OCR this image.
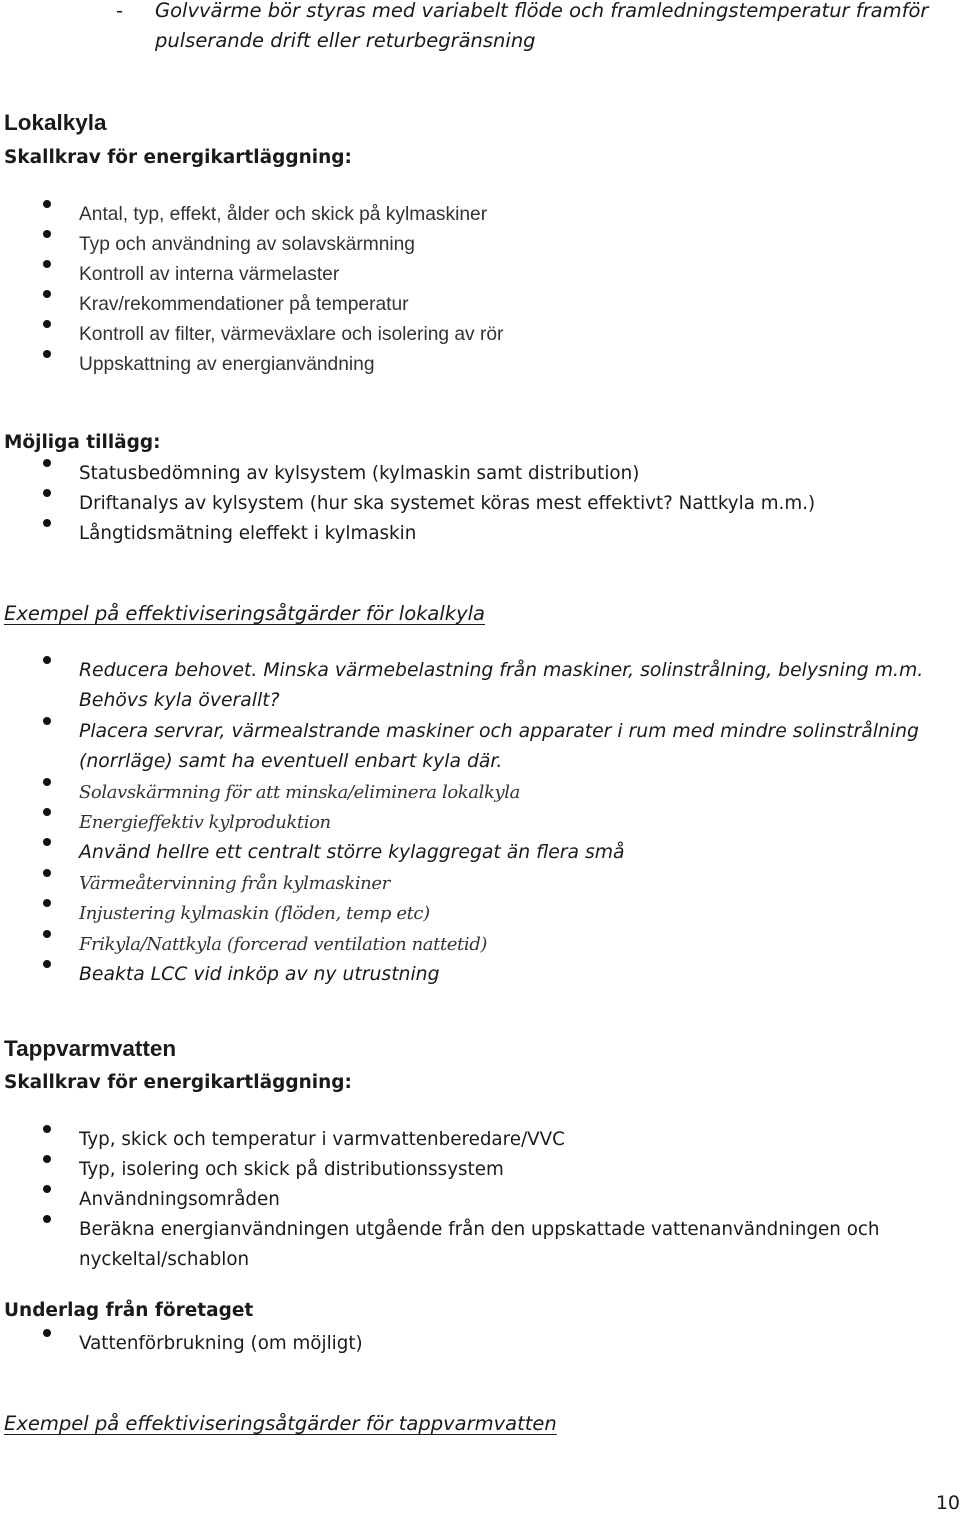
- Golvvärme bör styras med variabelt flöde och framledningstemperatur framför pulserande drift eller returbegränsning
Lokalkyla
Skallkrav för energikartläggning:
Antal, typ, effekt, ålder och skick på kylmaskiner
Typ och användning av solavskärmning
Kontroll av interna värmelaster
Krav/rekommendationer på temperatur
Kontroll av filter, värmeväxlare och isolering av rör
Uppskattning av energianvändning
Möjliga tillägg:
Statusbedömning av kylsystem (kylmaskin samt distribution)
Driftanalys av kylsystem (hur ska systemet köras mest effektivt? Nattkyla m.m.)
Långtidsmätning eleffekt i kylmaskin
Exempel på effektiviseringsåtgärder för lokalkyla
Reducera behovet. Minska värmebelastning från maskiner, solinstrålning, belysning m.m. Behövs kyla överallt?
Placera servrar, värmealstrande maskiner och apparater i rum med mindre solinstrålning (norrläge) samt ha eventuell enbart kyla där.
Solavskärmning för att minska/eliminera lokalkyla
Energieffektiv kylproduktion
Använd hellre ett centralt större kylaggregat än flera små
Värmeåtervinning från kylmaskiner
Injustering kylmaskin (flöden, temp etc)
Frikyla/Nattkyla (forcerad ventilation nattetid)
Beakta LCC vid inköp av ny utrustning
Tappvarmvatten
Skallkrav för energikartläggning:
Typ, skick och temperatur i varmvattenberedare/VVC
Typ, isolering och skick på distributionssystem
Användningsområden
Beräkna energianvändningen utgående från den uppskattade vattenanvändningen och nyckeltal/schablon
Underlag från företaget
Vattenförbrukning (om möjligt)
Exempel på effektiviseringsåtgärder för tappvarmvatten
10
